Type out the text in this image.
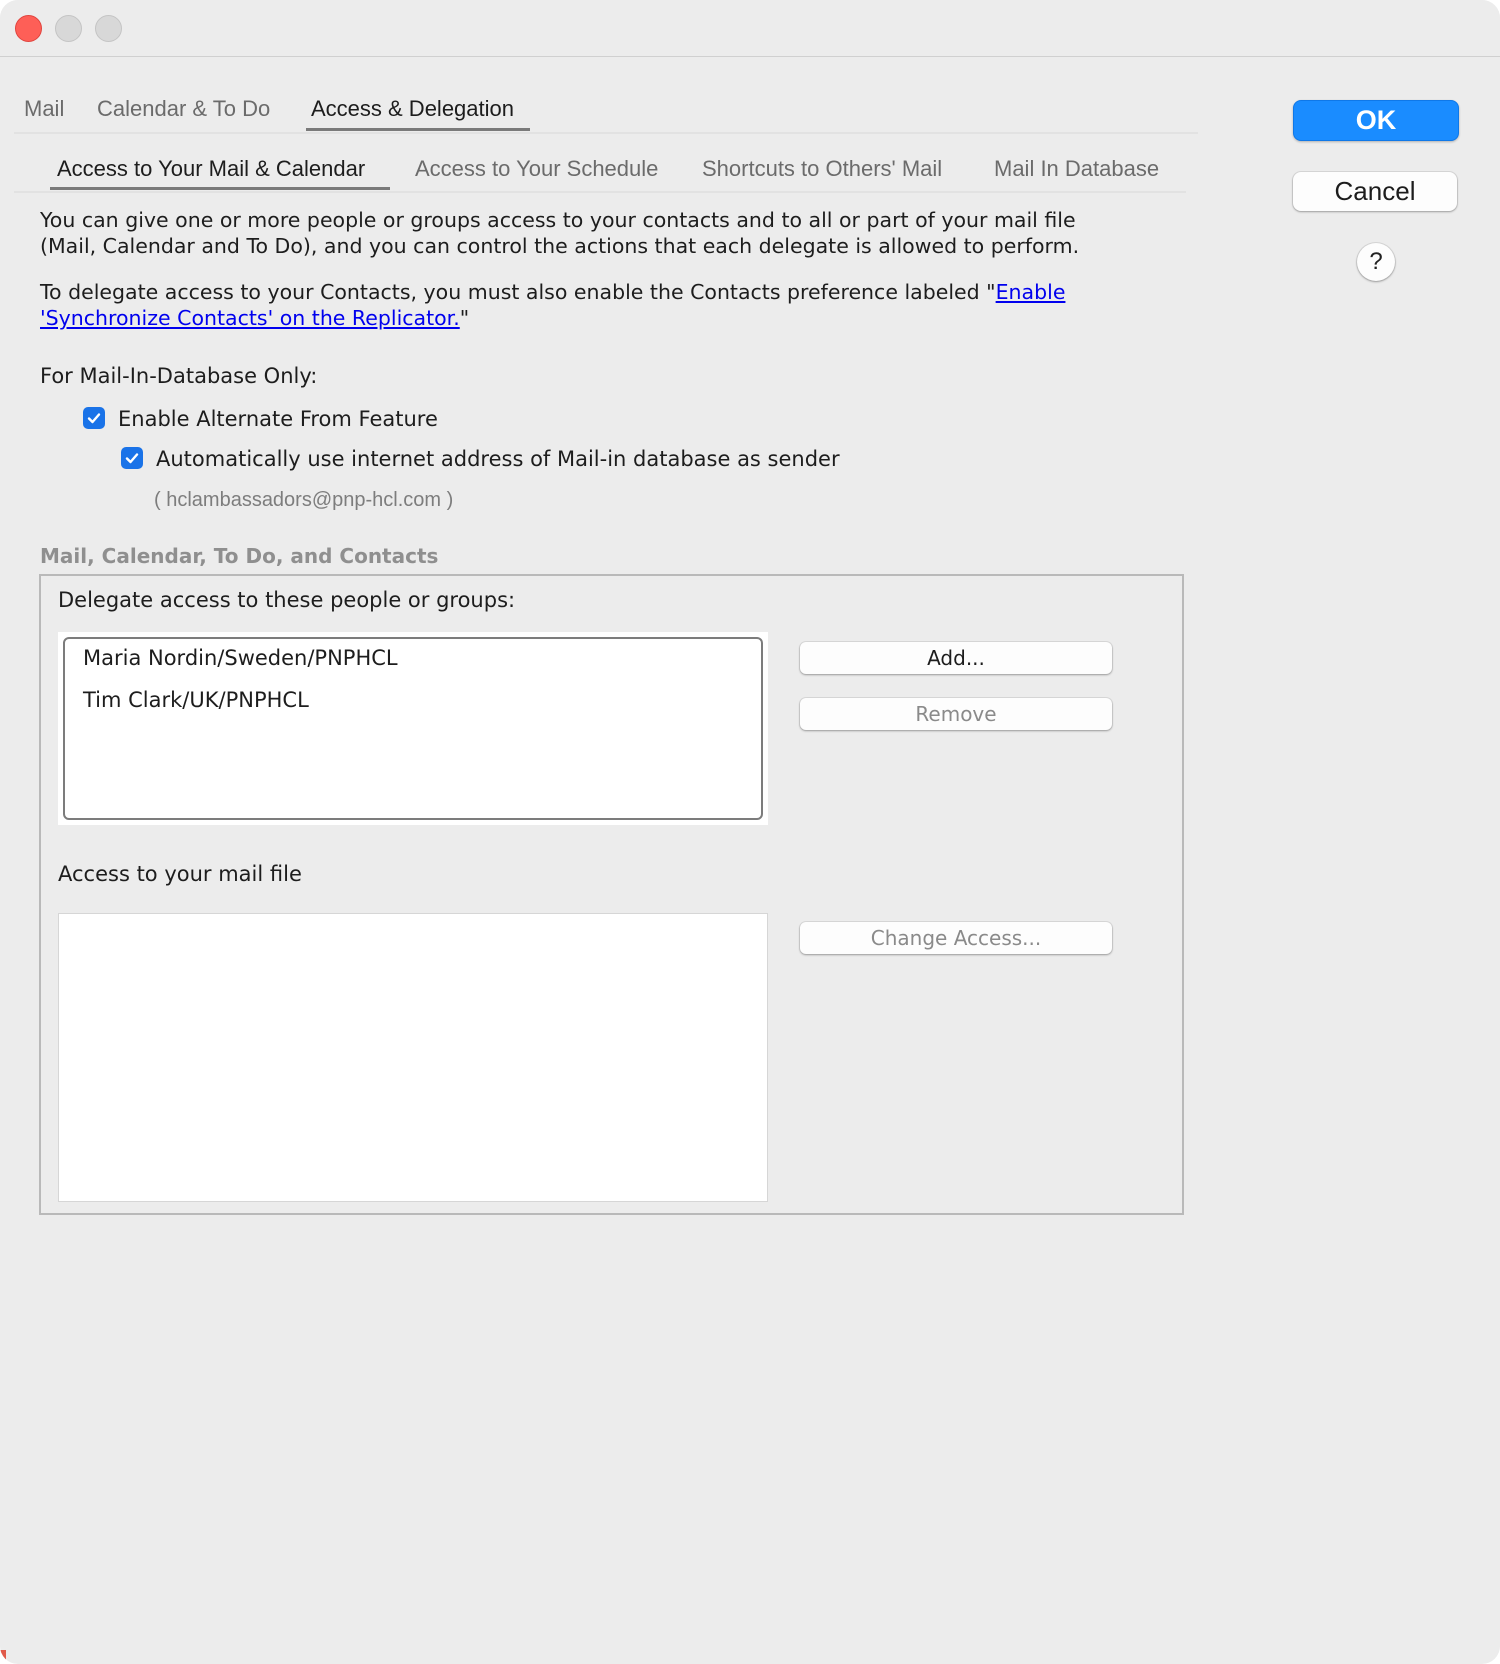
Mail Calendar & To Do Access & Delegation
Access to Your Mail & Calendar Access to Your Schedule Shortcuts to Others' Mail Mail In Database
OK
Cancel
?
You can give one or more people or groups access to your contacts and to all or part of your mail file
(Mail, Calendar and To Do), and you can control the actions that each delegate is allowed to perform.
To delegate access to your Contacts, you must also enable the Contacts preference labeled "Enable
'Synchronize Contacts' on the Replicator."
For Mail-In-Database Only:
Enable Alternate From Feature
Automatically use internet address of Mail-in database as sender
( hclambassadors@pnp-hcl.com )
Mail, Calendar, To Do, and Contacts
Delegate access to these people or groups:
Maria Nordin/Sweden/PNPHCL
Tim Clark/UK/PNPHCL
Add...
Remove
Access to your mail file
Change Access...
